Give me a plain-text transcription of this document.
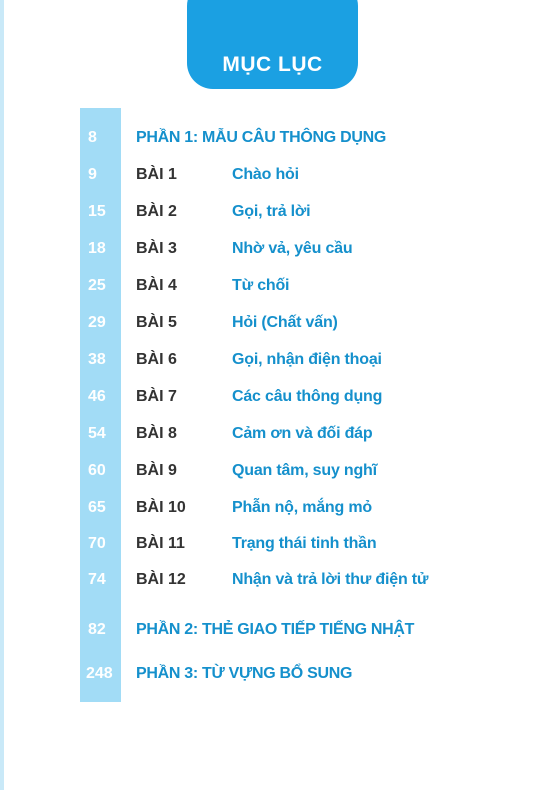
MỤC LỤC
8	PHẦN 1: MẪU CÂU THÔNG DỤNG
9	BÀI 1	Chào hỏi
15	BÀI 2	Gọi, trả lời
18	BÀI 3	Nhờ vả, yêu cầu
25	BÀI 4	Từ chối
29	BÀI 5	Hỏi (Chất vấn)
38	BÀI 6	Gọi, nhận điện thoại
46	BÀI 7	Các câu thông dụng
54	BÀI 8	Cảm ơn và đối đáp
60	BÀI 9	Quan tâm, suy nghĩ
65	BÀI 10	Phẫn nộ, mắng mỏ
70	BÀI 11	Trạng thái tinh thần
74	BÀI 12	Nhận và trả lời thư điện tử
82	PHẦN 2: THẺ GIAO TIẾP TIẾNG NHẬT
248	PHẦN 3: TỪ VỰNG BỔ SUNG
